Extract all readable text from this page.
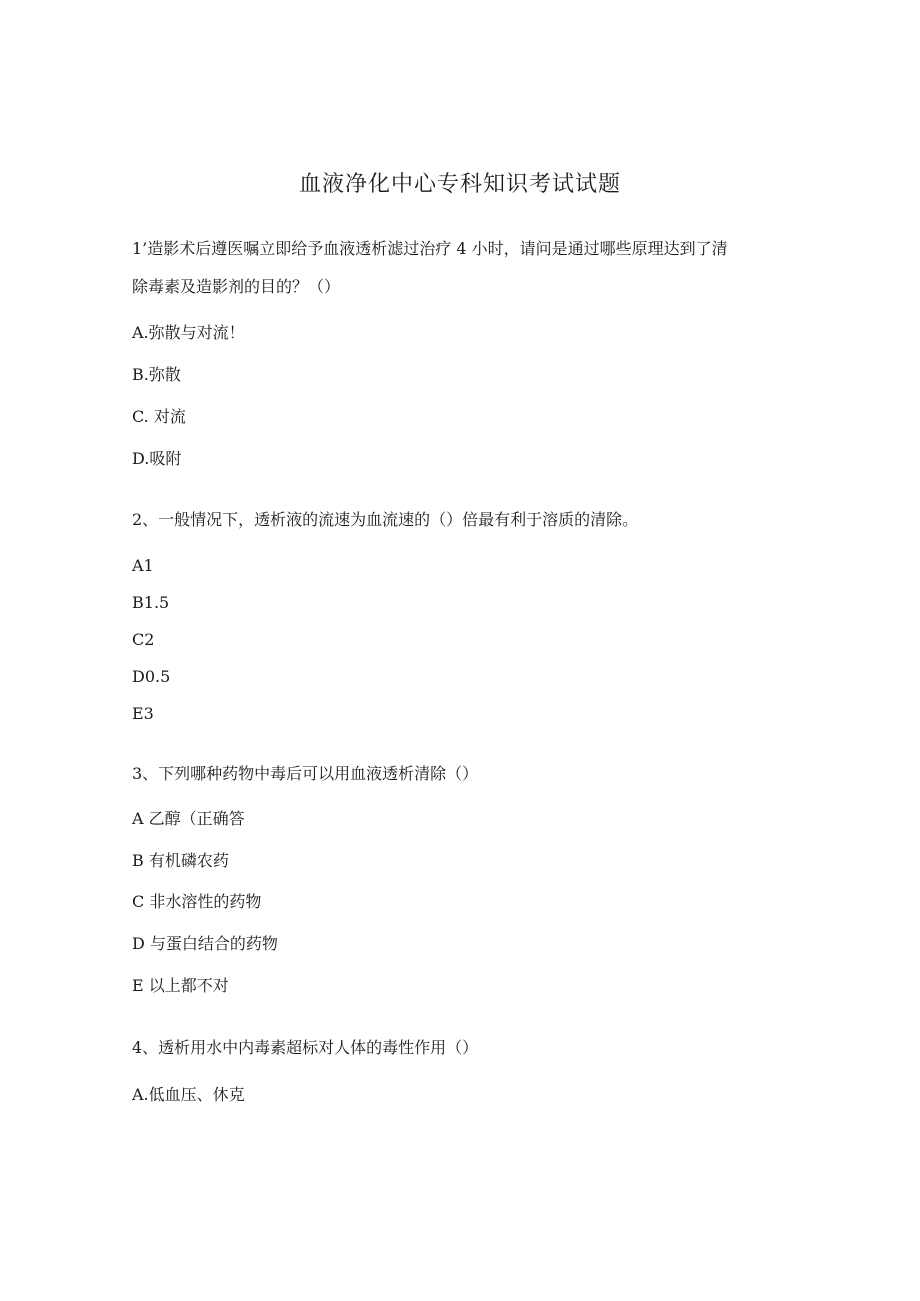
血液净化中心专科知识考试试题
1’造影术后遵医嘱立即给予血液透析滤过治疗 4 小时，请问是通过哪些原理达到了清
除毒素及造影剂的目的？（）
A.弥散与对流！
B.弥散
C. 对流
D.吸附
2、一般情况下，透析液的流速为血流速的（）倍最有利于溶质的清除。
A1
B1.5
C2
D0.5
E3
3、下列哪种药物中毒后可以用血液透析清除（）
A 乙醇（正确答
B 有机磷农药
C 非水溶性的药物
D 与蛋白结合的药物
E 以上都不对
4、透析用水中内毒素超标对人体的毒性作用（）
A.低血压、休克
